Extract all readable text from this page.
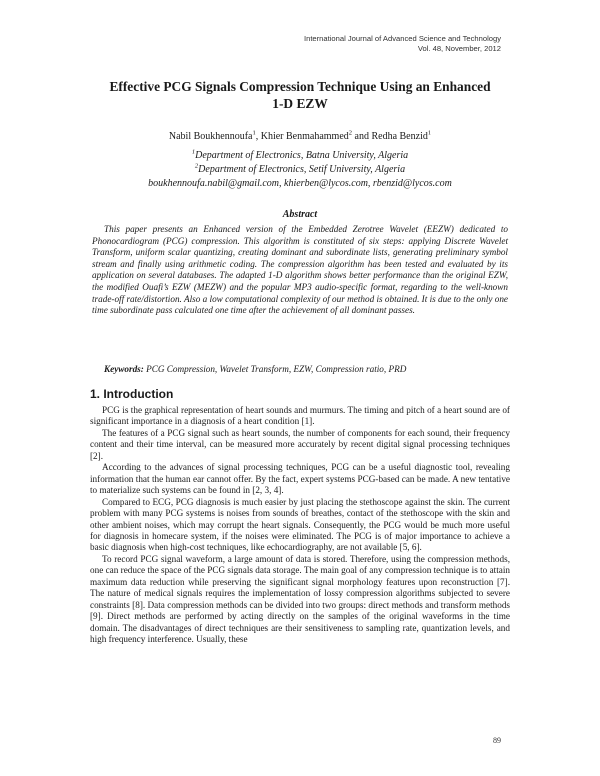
International Journal of Advanced Science and Technology
Vol. 48, November, 2012
Effective PCG Signals Compression Technique Using an Enhanced
1-D EZW
Nabil Boukhennoufa$^1$, Khier Benmahammed$^2$ and Redha Benzid$^1$
$^1$Department of Electronics, Batna University, Algeria
$^2$Department of Electronics, Setif University, Algeria
boukhennoufa.nabil@gmail.com, khierben@lycos.com, rbenzid@lycos.com
Abstract
This paper presents an Enhanced version of the Embedded Zerotree Wavelet (EEZW) dedicated to Phonocardiogram (PCG) compression. This algorithm is constituted of six steps: applying Discrete Wavelet Transform, uniform scalar quantizing, creating dominant and subordinate lists, generating preliminary symbol stream and finally using arithmetic coding. The compression algorithm has been tested and evaluated by its application on several databases. The adapted 1-D algorithm shows better performance than the original EZW, the modified Ouafi’s EZW (MEZW) and the popular MP3 audio-specific format, regarding to the well-known trade-off rate/distortion. Also a low computational complexity of our method is obtained. It is due to the only one time subordinate pass calculated one time after the achievement of all dominant passes.
Keywords: PCG Compression, Wavelet Transform, EZW, Compression ratio, PRD
1. Introduction

PCG is the graphical representation of heart sounds and murmurs. The timing and pitch of a heart sound are of significant importance in a diagnosis of a heart condition [1].

The features of a PCG signal such as heart sounds, the number of components for each sound, their frequency content and their time interval, can be measured more accurately by recent digital signal processing techniques [2].

According to the advances of signal processing techniques, PCG can be a useful diagnostic tool, revealing information that the human ear cannot offer. By the fact, expert systems PCG-based can be made. A new tentative to materialize such systems can be found in [2, 3, 4].

Compared to ECG, PCG diagnosis is much easier by just placing the stethoscope against the skin. The current problem with many PCG systems is noises from sounds of breathes, contact of the stethoscope with the skin and other ambient noises, which may corrupt the heart signals. Consequently, the PCG would be much more useful for diagnosis in homecare system, if the noises were eliminated. The PCG is of major importance to achieve a basic diagnosis when high-cost techniques, like echocardiography, are not available [5, 6].

To record PCG signal waveform, a large amount of data is stored. Therefore, using the compression methods, one can reduce the space of the PCG signals data storage. The main goal of any compression technique is to attain maximum data reduction while preserving the significant signal morphology features upon reconstruction [7]. The nature of medical signals requires the implementation of lossy compression algorithms subjected to severe constraints [8]. Data compression methods can be divided into two groups: direct methods and transform methods [9]. Direct methods are performed by acting directly on the samples of the original waveforms in the time domain. The disadvantages of direct techniques are their sensitiveness to sampling rate, quantization levels, and high frequency interference. Usually, these

89
